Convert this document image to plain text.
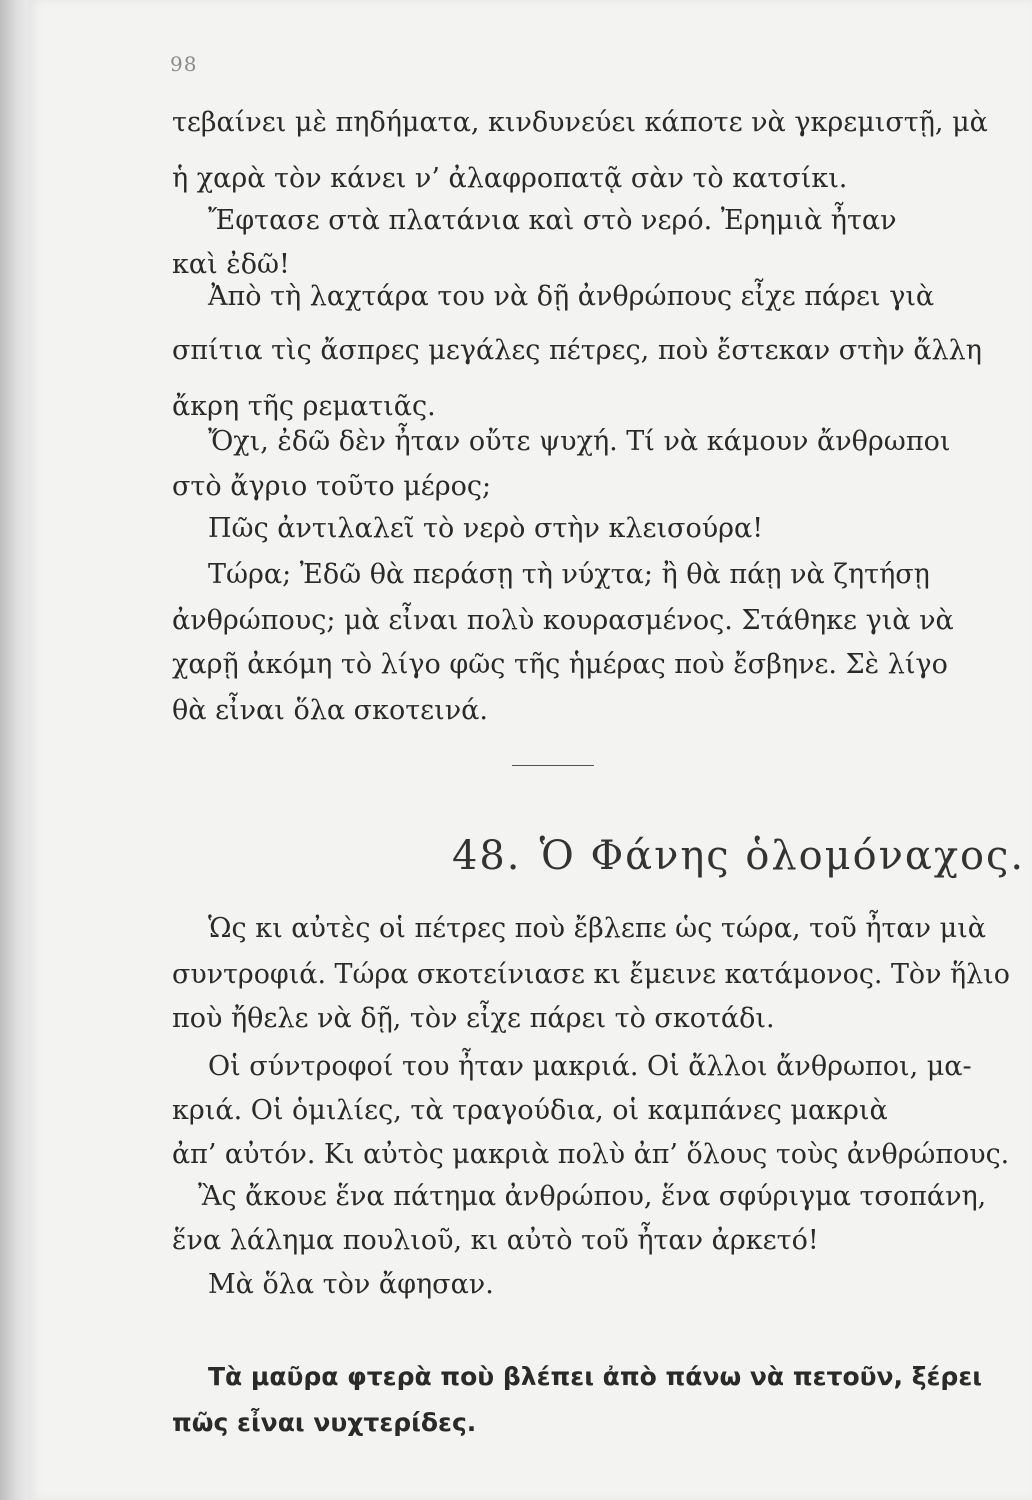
98
τεβαίνει μὲ πηδήματα, κινδυνεύει κάποτε νὰ γκρεμιστῇ, μὰ
ἡ χαρὰ τὸν κάνει ν’ ἀλαφροπατᾷ σὰν τὸ κατσίκι.
Ἔφτασε στὰ πλατάνια καὶ στὸ νερό. Ἐρημιὰ ἦταν
καὶ ἐδῶ!
Ἀπὸ τὴ λαχτάρα του νὰ δῇ ἀνθρώπους εἶχε πάρει γιὰ
σπίτια τὶς ἄσπρες μεγάλες πέτρες, ποὺ ἔστεκαν στὴν ἄλλη
ἄκρη τῆς ρεματιᾶς.
Ὄχι, ἐδῶ δὲν ἦταν οὔτε ψυχή. Τί νὰ κάμουν ἄνθρωποι
στὸ ἄγριο τοῦτο μέρος;
Πῶς ἀντιλαλεῖ τὸ νερὸ στὴν κλεισούρα!
Τώρα; Ἐδῶ θὰ περάσῃ τὴ νύχτα; ἢ θὰ πάῃ νὰ ζητήσῃ
ἀνθρώπους; μὰ εἶναι πολὺ κουρασμένος. Στάθηκε γιὰ νὰ
χαρῇ ἀκόμη τὸ λίγο φῶς τῆς ἡμέρας ποὺ ἔσβηνε. Σὲ λίγο
θὰ εἶναι ὅλα σκοτεινά.
48. Ὁ Φάνης ὁλομόναχος.
Ὡς κι αὐτὲς οἱ πέτρες ποὺ ἔβλεπε ὡς τώρα, τοῦ ἦταν μιὰ
συντροφιά. Τώρα σκοτείνιασε κι ἔμεινε κατάμονος. Τὸν ἥλιο
ποὺ ἤθελε νὰ δῇ, τὸν εἶχε πάρει τὸ σκοτάδι.
Οἱ σύντροφοί του ἦταν μακριά. Οἱ ἄλλοι ἄνθρωποι, μα-
κριά. Οἱ ὁμιλίες, τὰ τραγούδια, οἱ καμπάνες μακριὰ
ἀπ’ αὐτόν. Κι αὐτὸς μακριὰ πολὺ ἀπ’ ὅλους τοὺς ἀνθρώπους.
Ἂς ἄκουε ἕνα πάτημα ἀνθρώπου, ἕνα σφύριγμα τσοπάνη,
ἕνα λάλημα πουλιοῦ, κι αὐτὸ τοῦ ἦταν ἀρκετό!
Μὰ ὅλα τὸν ἄφησαν.
Τὰ μαῦρα φτερὰ ποὺ βλέπει ἀπὸ πάνω νὰ πετοῦν, ξέρει
πῶς εἶναι νυχτερίδες.
